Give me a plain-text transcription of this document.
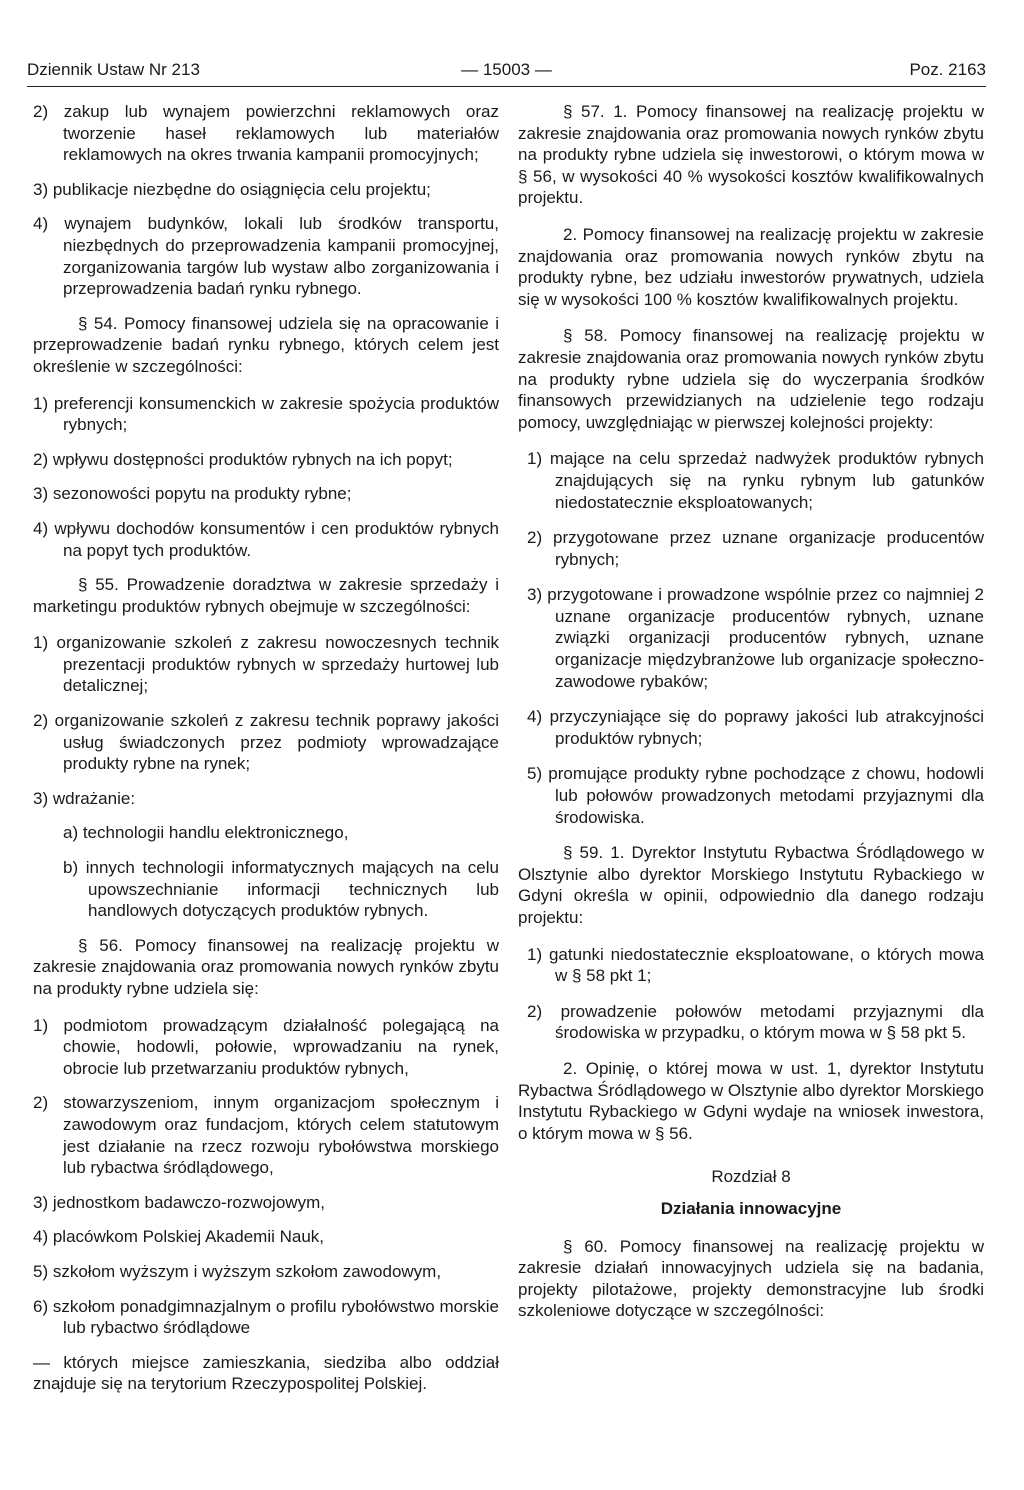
Dziennik Ustaw Nr 213	— 15003 —	Poz. 2163
2) zakup lub wynajem powierzchni reklamowych oraz tworzenie haseł reklamowych lub materiałów reklamowych na okres trwania kampanii promocyjnych;
3) publikacje niezbędne do osiągnięcia celu projektu;
4) wynajem budynków, lokali lub środków transportu, niezbędnych do przeprowadzenia kampanii promocyjnej, zorganizowania targów lub wystaw albo zorganizowania i przeprowadzenia badań rynku rybnego.

§ 54. Pomocy finansowej udziela się na opracowanie i przeprowadzenie badań rynku rybnego, których celem jest określenie w szczególności:

1) preferencji konsumenckich w zakresie spożycia produktów rybnych;
2) wpływu dostępności produktów rybnych na ich popyt;
3) sezonowości popytu na produkty rybne;
4) wpływu dochodów konsumentów i cen produktów rybnych na popyt tych produktów.

§ 55. Prowadzenie doradztwa w zakresie sprzedaży i marketingu produktów rybnych obejmuje w szczególności:

1) organizowanie szkoleń z zakresu nowoczesnych technik prezentacji produktów rybnych w sprzedaży hurtowej lub detalicznej;
2) organizowanie szkoleń z zakresu technik poprawy jakości usług świadczonych przez podmioty wprowadzające produkty rybne na rynek;
3) wdrażanie:
a) technologii handlu elektronicznego,
b) innych technologii informatycznych mających na celu upowszechnianie informacji technicznych lub handlowych dotyczących produktów rybnych.

§ 56. Pomocy finansowej na realizację projektu w zakresie znajdowania oraz promowania nowych rynków zbytu na produkty rybne udziela się:

1) podmiotom prowadzącym działalność polegającą na chowie, hodowli, połowie, wprowadzaniu na rynek, obrocie lub przetwarzaniu produktów rybnych,
2) stowarzyszeniom, innym organizacjom społecznym i zawodowym oraz fundacjom, których celem statutowym jest działanie na rzecz rozwoju rybołówstwa morskiego lub rybactwa śródlądowego,
3) jednostkom badawczo-rozwojowym,
4) placówkom Polskiej Akademii Nauk,
5) szkołom wyższym i wyższym szkołom zawodowym,
6) szkołom ponadgimnazjalnym o profilu rybołówstwo morskie lub rybactwo śródlądowe
— których miejsce zamieszkania, siedziba albo oddział znajduje się na terytorium Rzeczypospolitej Polskiej.

§ 57. 1. Pomocy finansowej na realizację projektu w zakresie znajdowania oraz promowania nowych rynków zbytu na produkty rybne udziela się inwestorowi, o którym mowa w § 56, w wysokości 40 % wysokości kosztów kwalifikowalnych projektu.

2. Pomocy finansowej na realizację projektu w zakresie znajdowania oraz promowania nowych rynków zbytu na produkty rybne, bez udziału inwestorów prywatnych, udziela się w wysokości 100 % kosztów kwalifikowalnych projektu.

§ 58. Pomocy finansowej na realizację projektu w zakresie znajdowania oraz promowania nowych rynków zbytu na produkty rybne udziela się do wyczerpania środków finansowych przewidzianych na udzielenie tego rodzaju pomocy, uwzględniając w pierwszej kolejności projekty:

1) mające na celu sprzedaż nadwyżek produktów rybnych znajdujących się na rynku rybnym lub gatunków niedostatecznie eksploatowanych;
2) przygotowane przez uznane organizacje producentów rybnych;
3) przygotowane i prowadzone wspólnie przez co najmniej 2 uznane organizacje producentów rybnych, uznane związki organizacji producentów rybnych, uznane organizacje międzybranżowe lub organizacje społeczno-zawodowe rybaków;
4) przyczyniające się do poprawy jakości lub atrakcyjności produktów rybnych;
5) promujące produkty rybne pochodzące z chowu, hodowli lub połowów prowadzonych metodami przyjaznymi dla środowiska.

§ 59. 1. Dyrektor Instytutu Rybactwa Śródlądowego w Olsztynie albo dyrektor Morskiego Instytutu Rybackiego w Gdyni określa w opinii, odpowiednio dla danego rodzaju projektu:

1) gatunki niedostatecznie eksploatowane, o których mowa w § 58 pkt 1;
2) prowadzenie połowów metodami przyjaznymi dla środowiska w przypadku, o którym mowa w § 58 pkt 5.

2. Opinię, o której mowa w ust. 1, dyrektor Instytutu Rybactwa Śródlądowego w Olsztynie albo dyrektor Morskiego Instytutu Rybackiego w Gdyni wydaje na wniosek inwestora, o którym mowa w § 56.

Rozdział 8
Działania innowacyjne

§ 60. Pomocy finansowej na realizację projektu w zakresie działań innowacyjnych udziela się na badania, projekty pilotażowe, projekty demonstracyjne lub środki szkoleniowe dotyczące w szczególności:
